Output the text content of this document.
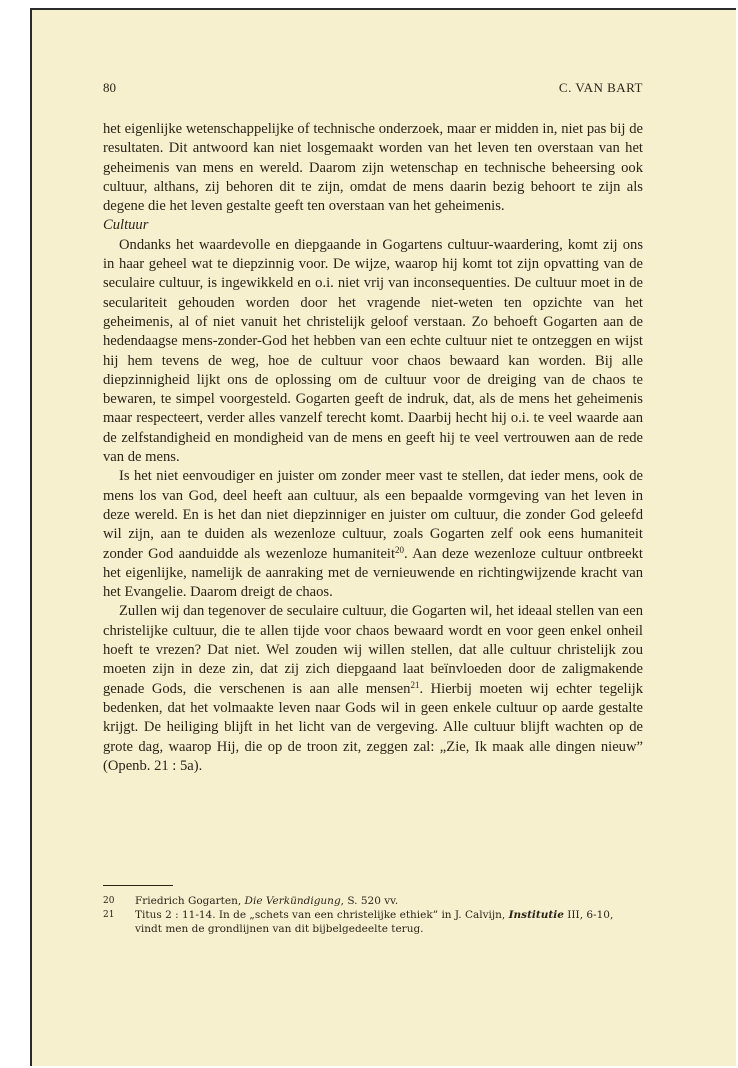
80	C. VAN BART

het eigenlijke wetenschappelijke of technische onderzoek, maar er midden in, niet pas bij de resultaten. Dit antwoord kan niet losgemaakt worden van het leven ten overstaan van het geheimenis van mens en wereld. Daarom zijn wetenschap en technische beheersing ook cultuur, althans, zij behoren dit te zijn, omdat de mens daarin bezig behoort te zijn als degene die het leven gestalte geeft ten overstaan van het geheimenis.

Cultuur

Ondanks het waardevolle en diepgaande in Gogartens cultuur-waardering, komt zij ons in haar geheel wat te diepzinnig voor. De wijze, waarop hij komt tot zijn opvatting van de seculaire cultuur, is ingewikkeld en o.i. niet vrij van inconsequenties. De cultuur moet in de seculariteit gehouden worden door het vragende niet-weten ten opzichte van het geheimenis, al of niet vanuit het christelijk geloof verstaan. Zo behoeft Gogarten aan de hedendaagse mens-zonder-God het hebben van een echte cultuur niet te ontzeggen en wijst hij hem tevens de weg, hoe de cultuur voor chaos bewaard kan worden. Bij alle diepzinnigheid lijkt ons de oplossing om de cultuur voor de dreiging van de chaos te bewaren, te simpel voorgesteld. Gogarten geeft de indruk, dat, als de mens het geheimenis maar respecteert, verder alles vanzelf terecht komt. Daarbij hecht hij o.i. te veel waarde aan de zelfstandigheid en mondigheid van de mens en geeft hij te veel vertrouwen aan de rede van de mens.

Is het niet eenvoudiger en juister om zonder meer vast te stellen, dat ieder mens, ook de mens los van God, deel heeft aan cultuur, als een bepaalde vormgeving van het leven in deze wereld. En is het dan niet diepzinniger en juister om cultuur, die zonder God geleefd wil zijn, aan te duiden als wezenloze cultuur, zoals Gogarten zelf ook eens humaniteit zonder God aanduidde als wezenloze humaniteit$^{20}$. Aan deze wezenloze cultuur ontbreekt het eigenlijke, namelijk de aanraking met de vernieuwende en richtingwijzende kracht van het Evangelie. Daarom dreigt de chaos.

Zullen wij dan tegenover de seculaire cultuur, die Gogarten wil, het ideaal stellen van een christelijke cultuur, die te allen tijde voor chaos bewaard wordt en voor geen enkel onheil hoeft te vrezen? Dat niet. Wel zouden wij willen stellen, dat alle cultuur christelijk zou moeten zijn in deze zin, dat zij zich diepgaand laat beïnvloeden door de zaligmakende genade Gods, die verschenen is aan alle mensen$^{21}$. Hierbij moeten wij echter tegelijk bedenken, dat het volmaakte leven naar Gods wil in geen enkele cultuur op aarde gestalte krijgt. De heiliging blijft in het licht van de vergeving. Alle cultuur blijft wachten op de grote dag, waarop Hij, die op de troon zit, zeggen zal: „Zie, Ik maak alle dingen nieuw” (Openb. 21 : 5a).

20 Friedrich Gogarten, Die Verkündigung, S. 520 vv.
21 Titus 2 : 11-14. In de „schets van een christelijke ethiek” in J. Calvijn, Institutie III, 6-10, vindt men de grondlijnen van dit bijbelgedeelte terug.
